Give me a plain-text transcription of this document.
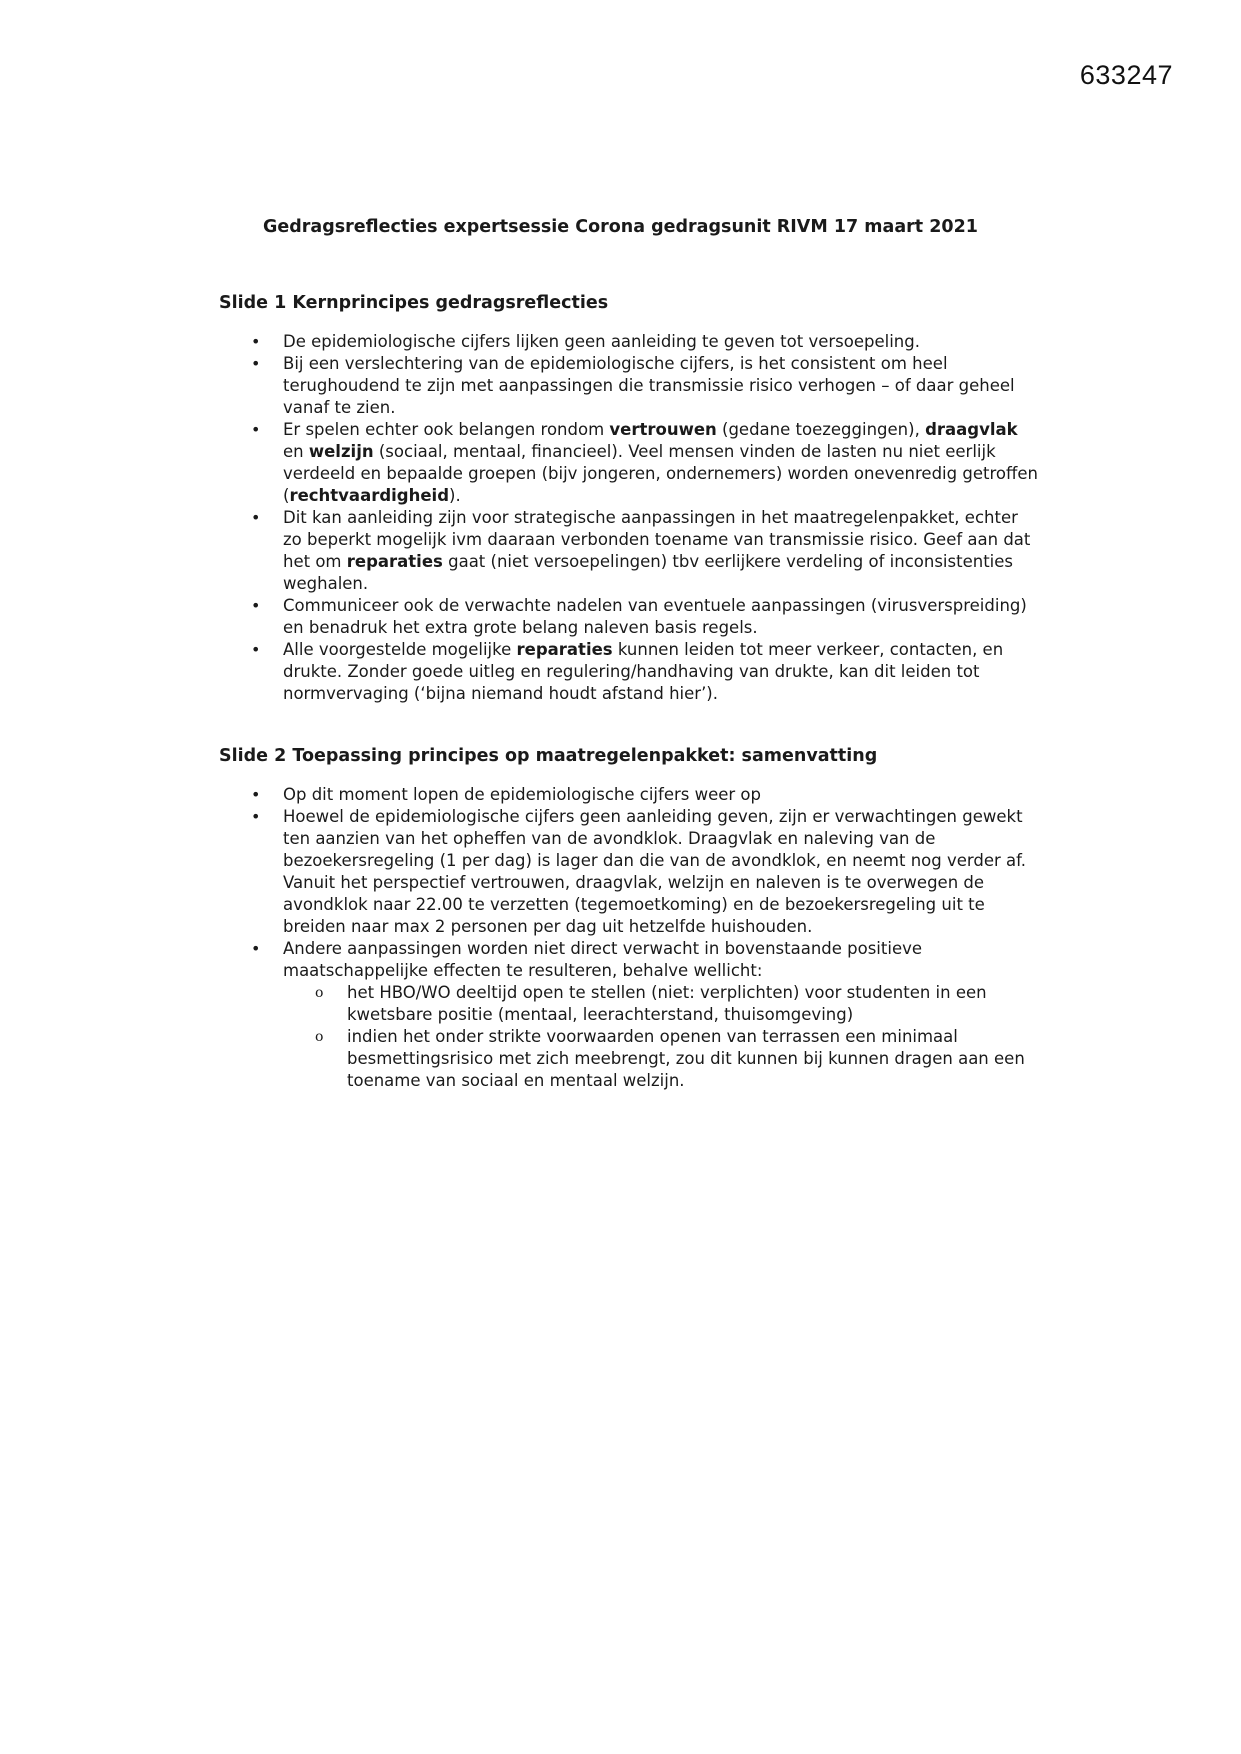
633247
Gedragsreflecties expertsessie Corona gedragsunit RIVM 17 maart 2021
Slide 1 Kernprincipes gedragsreflecties
• De epidemiologische cijfers lijken geen aanleiding te geven tot versoepeling.
• Bij een verslechtering van de epidemiologische cijfers, is het consistent om heel terughoudend te zijn met aanpassingen die transmissie risico verhogen – of daar geheel vanaf te zien.
• Er spelen echter ook belangen rondom vertrouwen (gedane toezeggingen), draagvlak en welzijn (sociaal, mentaal, financieel). Veel mensen vinden de lasten nu niet eerlijk verdeeld en bepaalde groepen (bijv jongeren, ondernemers) worden onevenredig getroffen (rechtvaardigheid).
• Dit kan aanleiding zijn voor strategische aanpassingen in het maatregelenpakket, echter zo beperkt mogelijk ivm daaraan verbonden toename van transmissie risico. Geef aan dat het om reparaties gaat (niet versoepelingen) tbv eerlijkere verdeling of inconsistenties weghalen.
• Communiceer ook de verwachte nadelen van eventuele aanpassingen (virusverspreiding) en benadruk het extra grote belang naleven basis regels.
• Alle voorgestelde mogelijke reparaties kunnen leiden tot meer verkeer, contacten, en drukte. Zonder goede uitleg en regulering/handhaving van drukte, kan dit leiden tot normvervaging (‘bijna niemand houdt afstand hier’).
Slide 2 Toepassing principes op maatregelenpakket: samenvatting
• Op dit moment lopen de epidemiologische cijfers weer op
• Hoewel de epidemiologische cijfers geen aanleiding geven, zijn er verwachtingen gewekt ten aanzien van het opheffen van de avondklok. Draagvlak en naleving van de bezoekersregeling (1 per dag) is lager dan die van de avondklok, en neemt nog verder af. Vanuit het perspectief vertrouwen, draagvlak, welzijn en naleven is te overwegen de avondklok naar 22.00 te verzetten (tegemoetkoming) en de bezoekersregeling uit te breiden naar max 2 personen per dag uit hetzelfde huishouden.
• Andere aanpassingen worden niet direct verwacht in bovenstaande positieve maatschappelijke effecten te resulteren, behalve wellicht:
o het HBO/WO deeltijd open te stellen (niet: verplichten) voor studenten in een kwetsbare positie (mentaal, leerachterstand, thuisomgeving)
o indien het onder strikte voorwaarden openen van terrassen een minimaal besmettingsrisico met zich meebrengt, zou dit kunnen bij kunnen dragen aan een toename van sociaal en mentaal welzijn.
